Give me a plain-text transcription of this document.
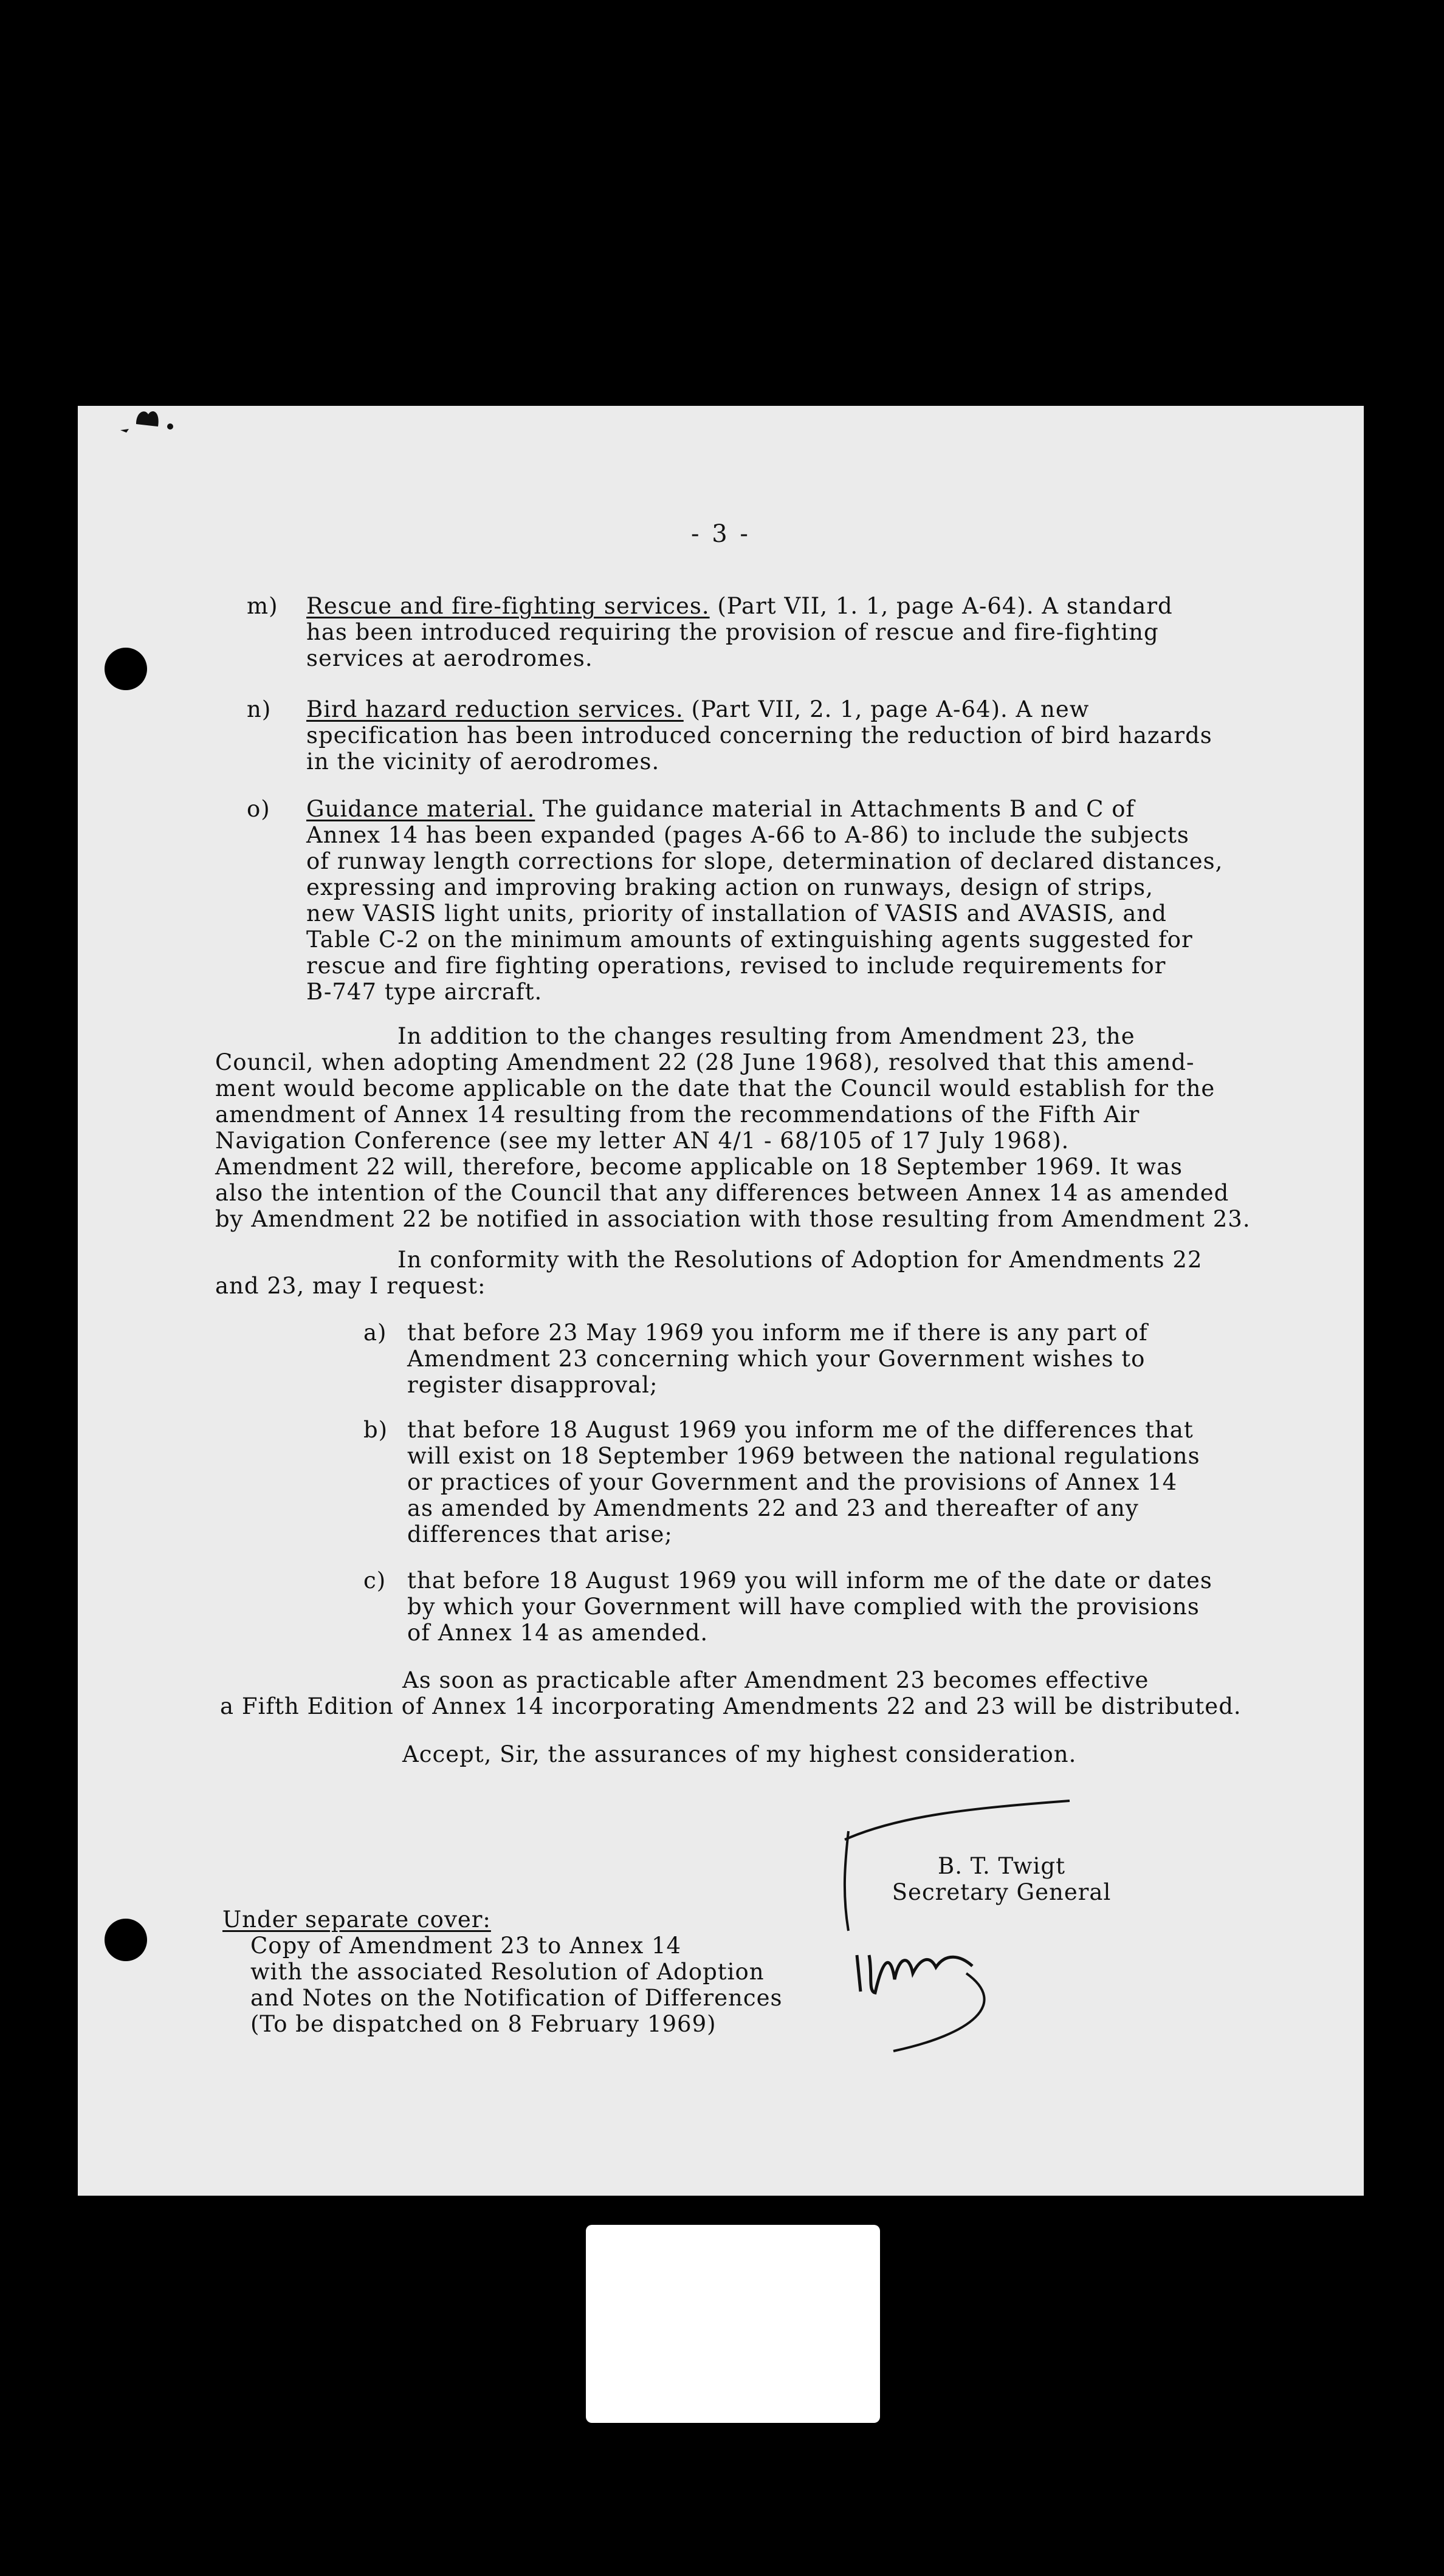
- 3 -
m) Rescue and fire-fighting services. (Part VII, 1. 1, page A-64). A standard
has been introduced requiring the provision of rescue and fire-fighting
services at aerodromes.
n) Bird hazard reduction services. (Part VII, 2. 1, page A-64). A new
specification has been introduced concerning the reduction of bird hazards
in the vicinity of aerodromes.
o) Guidance material. The guidance material in Attachments B and C of
Annex 14 has been expanded (pages A-66 to A-86) to include the subjects
of runway length corrections for slope, determination of declared distances,
expressing and improving braking action on runways, design of strips,
new VASIS light units, priority of installation of VASIS and AVASIS, and
Table C-2 on the minimum amounts of extinguishing agents suggested for
rescue and fire fighting operations, revised to include requirements for
B-747 type aircraft.
In addition to the changes resulting from Amendment 23, the
Council, when adopting Amendment 22 (28 June 1968), resolved that this amend-
ment would become applicable on the date that the Council would establish for the
amendment of Annex 14 resulting from the recommendations of the Fifth Air
Navigation Conference (see my letter AN 4/1 - 68/105 of 17 July 1968).
Amendment 22 will, therefore, become applicable on 18 September 1969. It was
also the intention of the Council that any differences between Annex 14 as amended
by Amendment 22 be notified in association with those resulting from Amendment 23.
In conformity with the Resolutions of Adoption for Amendments 22
and 23, may I request:
a) that before 23 May 1969 you inform me if there is any part of
Amendment 23 concerning which your Government wishes to
register disapproval;
b) that before 18 August 1969 you inform me of the differences that
will exist on 18 September 1969 between the national regulations
or practices of your Government and the provisions of Annex 14
as amended by Amendments 22 and 23 and thereafter of any
differences that arise;
c) that before 18 August 1969 you will inform me of the date or dates
by which your Government will have complied with the provisions
of Annex 14 as amended.
As soon as practicable after Amendment 23 becomes effective
a Fifth Edition of Annex 14 incorporating Amendments 22 and 23 will be distributed.
Accept, Sir, the assurances of my highest consideration.
B. T. Twigt
Secretary General
Under separate cover:
Copy of Amendment 23 to Annex 14
with the associated Resolution of Adoption
and Notes on the Notification of Differences
(To be dispatched on 8 February 1969)
